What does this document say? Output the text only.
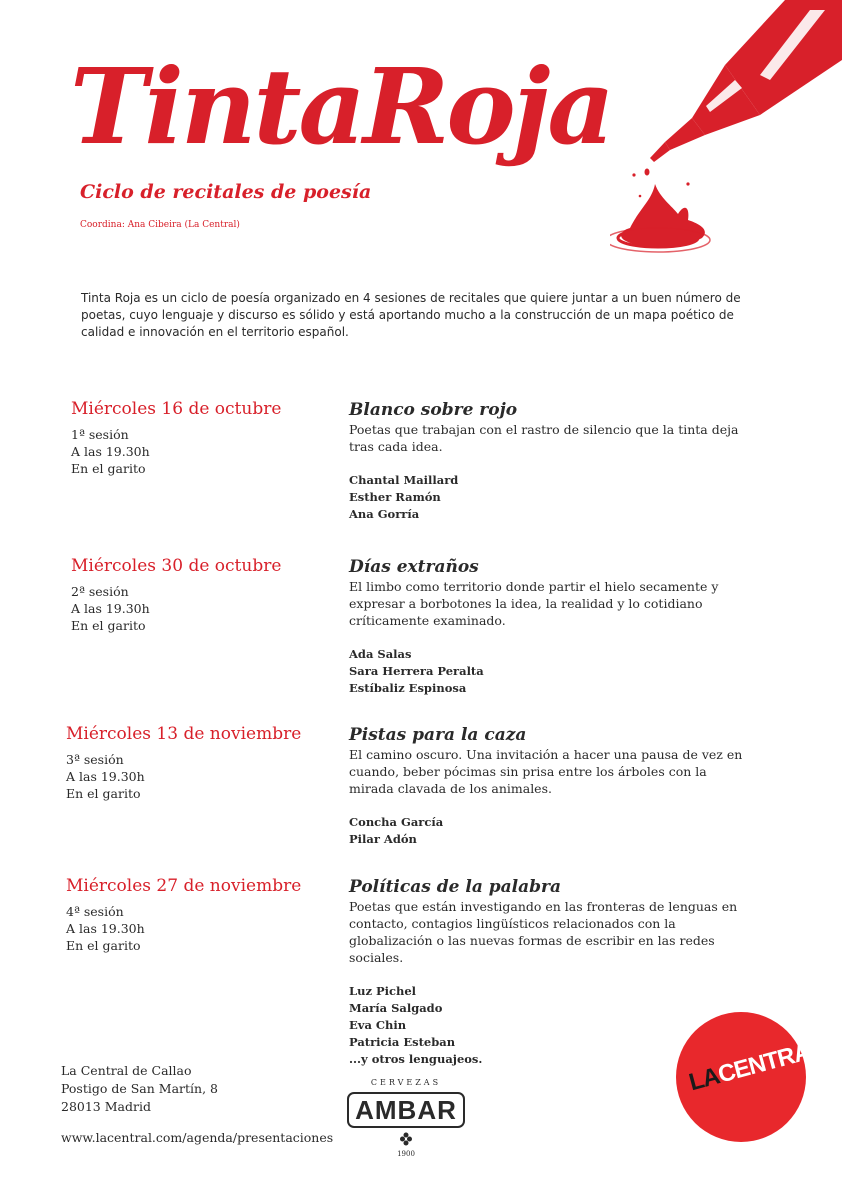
TintaRoja
Ciclo de recitales de poesía
Coordina: Ana Cibeira (La Central)
Tinta Roja es un ciclo de poesía organizado en 4 sesiones de recitales que quiere juntar a un buen número de poetas, cuyo lenguaje y discurso es sólido y está aportando mucho a la construcción de un mapa poético de calidad e innovación en el territorio español.
Miércoles 16 de octubre
1ª sesión
A las 19.30h
En el garito
Blanco sobre rojo
Poetas que trabajan con el rastro de silencio que la tinta deja tras cada idea.
Chantal Maillard
Esther Ramón
Ana Gorría
Miércoles 30 de octubre
2ª sesión
A las 19.30h
En el garito
Días extraños
El limbo como territorio donde partir el hielo secamente y expresar a borbotones la idea, la realidad y lo cotidiano críticamente examinado.
Ada Salas
Sara Herrera Peralta
Estíbaliz Espinosa
Miércoles 13 de noviembre
3ª sesión
A las 19.30h
En el garito
Pistas para la caza
El camino oscuro. Una invitación a hacer una pausa de vez en cuando, beber pócimas sin prisa entre los árboles con la mirada clavada de los animales.
Concha García
Pilar Adón
Miércoles 27 de noviembre
4ª sesión
A las 19.30h
En el garito
Políticas de la palabra
Poetas que están investigando en las fronteras de lenguas en contacto, contagios lingüísticos relacionados con la globalización o las nuevas formas de escribir en las redes sociales.
Luz Pichel
María Salgado
Eva Chin
Patricia Esteban
...y otros lenguajeos.
La Central de Callao
Postigo de San Martín, 8
28013 Madrid
www.lacentral.com/agenda/presentaciones
CERVEZAS
AMBAR
1900
LACENTRAL
